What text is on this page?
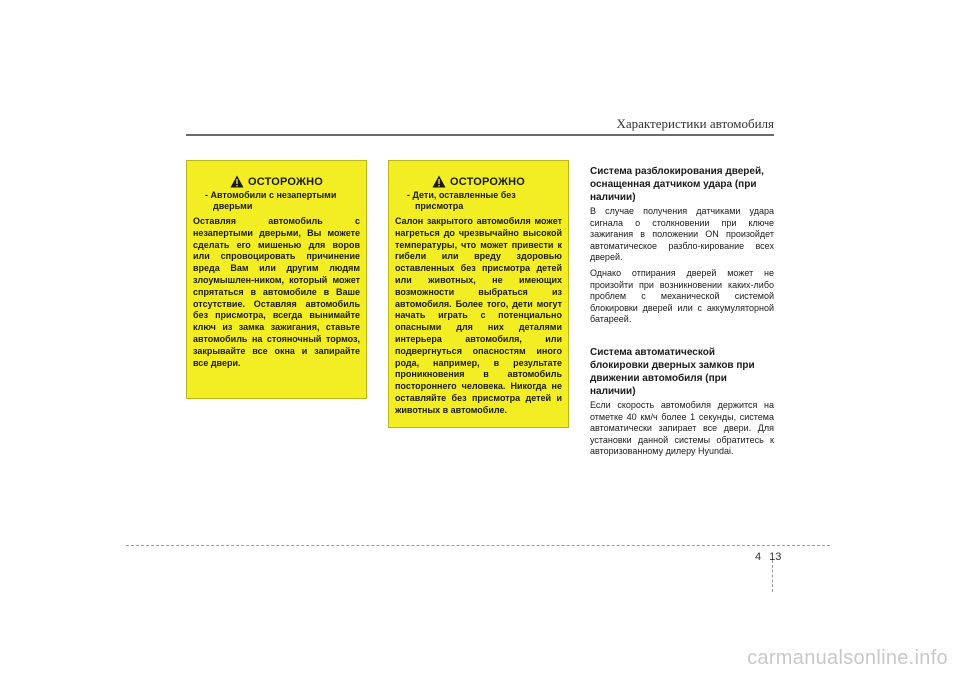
Характеристики автомобиля
ОСТОРОЖНО
- Автомобили с незапертыми дверьми
Оставляя автомобиль с незапертыми дверьми, Вы можете сделать его мишенью для воров или спровоцировать причинение вреда Вам или другим людям злоумышлен-ником, который может спрятаться в автомобиле в Ваше отсутствие. Оставляя автомобиль без присмотра, всегда вынимайте ключ из замка зажигания, ставьте автомобиль на стояночный тормоз, закрывайте все окна и запирайте все двери.
ОСТОРОЖНО
- Дети, оставленные без присмотра
Салон закрытого автомобиля может нагреться до чрезвычайно высокой температуры, что может привести к гибели или вреду здоровью оставленных без присмотра детей или животных, не имеющих возможности выбраться из автомобиля. Более того, дети могут начать играть с потенциально опасными для них деталями интерьера автомобиля, или подвергнуться опасностям иного рода, например, в результате проникновения в автомобиль постороннего человека. Никогда не оставляйте без присмотра детей и животных в автомобиле.
Система разблокирования дверей, оснащенная датчиком удара (при наличии)

В случае получения датчиками удара сигнала о столкновении при ключе зажигания в положении ON произойдет автоматическое разбло-кирование всех дверей.

Однако отпирания дверей может не произойти при возникновении каких-либо проблем с механической системой блокировки дверей или с аккумуляторной батареей.

Система автоматической блокировки дверных замков при движении автомобиля (при наличии)

Если скорость автомобиля держится на отметке 40 км/ч более 1 секунды, система автоматически запирает все двери. Для установки данной системы обратитесь к авторизованному дилеру Hyundai.

4 13
carmanualsonline.info
